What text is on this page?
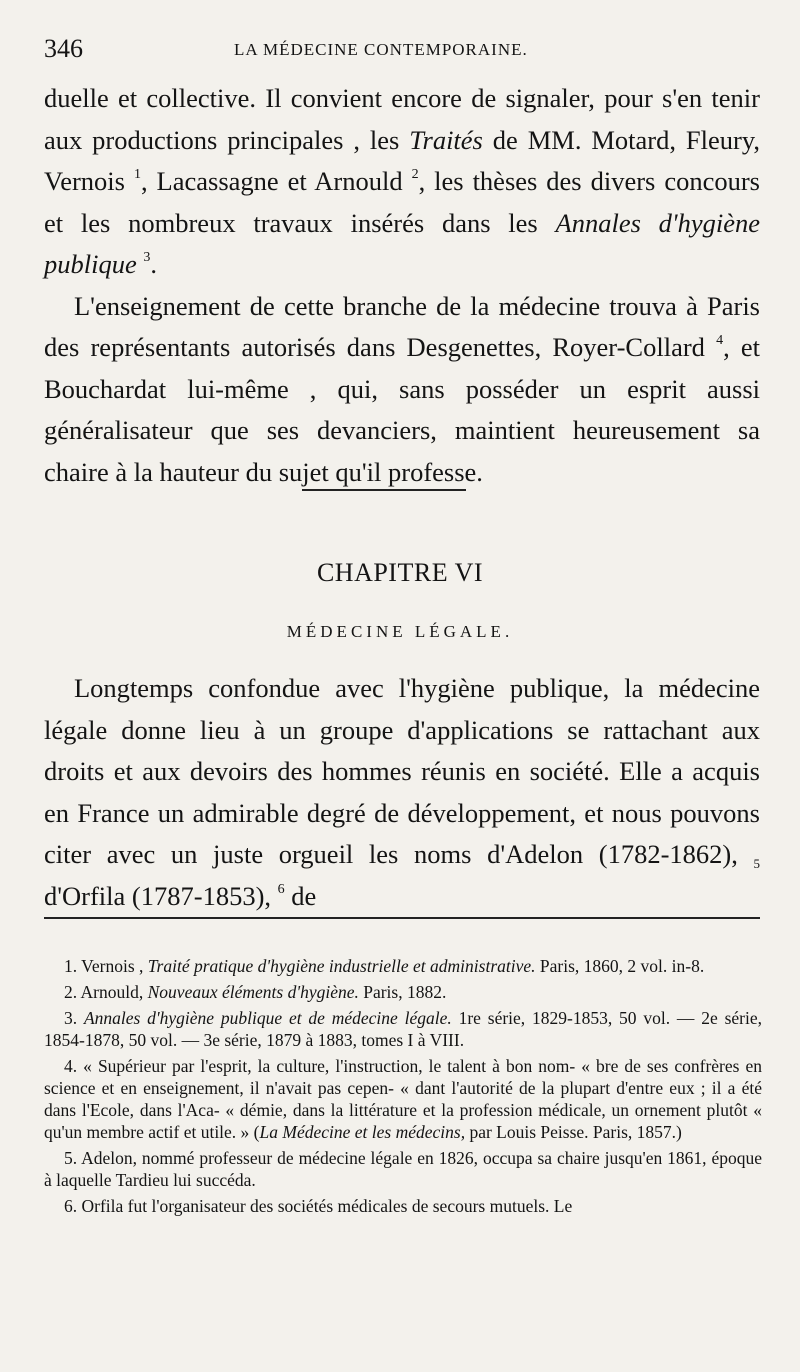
346	LA MÉDECINE CONTEMPORAINE.

duelle et collective. Il convient encore de signaler, pour s'en tenir aux productions principales , les Traités de MM. Motard, Fleury, Vernois $^1$, Lacassagne et Arnould $^2$, les thèses des divers concours et les nombreux travaux insérés dans les Annales d'hygiène publique $^3$.

L'enseignement de cette branche de la médecine trouva à Paris des représentants autorisés dans Desgenettes, Royer-Collard $^4$, et Bouchardat lui-même , qui, sans posséder un esprit aussi généralisateur que ses devanciers, maintient heureusement sa chaire à la hauteur du sujet qu'il professe.

CHAPITRE VI
MÉDECINE LÉGALE.

Longtemps confondue avec l'hygiène publique, la médecine légale donne lieu à un groupe d'applications se rattachant aux droits et aux devoirs des hommes réunis en société. Elle a acquis en France un admirable degré de développement, et nous pouvons citer avec un juste orgueil les noms d'Adelon (1782-1862), $_5$ d'Orfila (1787-1853), $^6$ de

1. Vernois , Traité pratique d'hygiène industrielle et administrative. Paris, 1860, 2 vol. in-8.

2. Arnould, Nouveaux éléments d'hygiène. Paris, 1882.

3. Annales d'hygiène publique et de médecine légale. 1re série, 1829-1853, 50 vol. — 2e série, 1854-1878, 50 vol. — 3e série, 1879 à 1883, tomes I à VIII.

4. « Supérieur par l'esprit, la culture, l'instruction, le talent à bon nom- « bre de ses confrères en science et en enseignement, il n'avait pas cepen- « dant l'autorité de la plupart d'entre eux ; il a été dans l'Ecole, dans l'Aca- « démie, dans la littérature et la profession médicale, un ornement plutôt « qu'un membre actif et utile. » (La Médecine et les médecins, par Louis Peisse. Paris, 1857.)

5. Adelon, nommé professeur de médecine légale en 1826, occupa sa chaire jusqu'en 1861, époque à laquelle Tardieu lui succéda.

6. Orfila fut l'organisateur des sociétés médicales de secours mutuels. Le
